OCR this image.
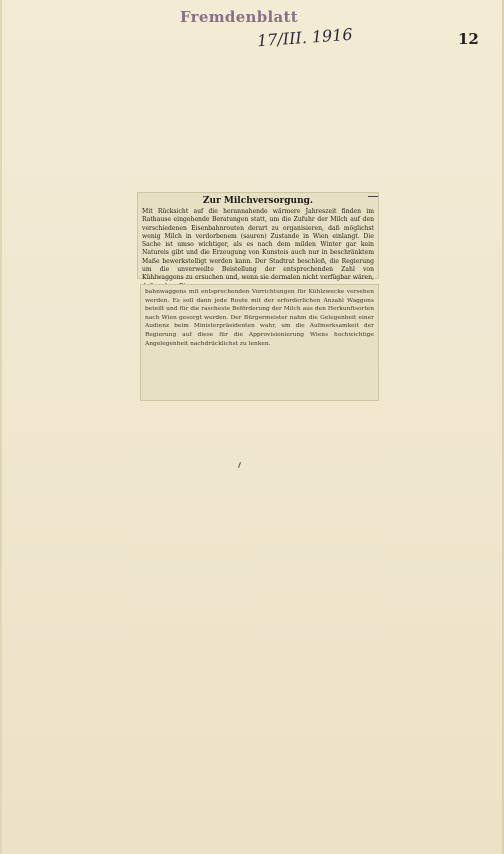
Fremdenblatt
17/III. 1916	12
Zur Milchversorgung.
Mit Rücksicht auf die herannahende wärmere Jahreszeit finden im Rathause eingehende Beratungen statt, um die Zufuhr der Milch auf den verschiedenen Eisenbahnrouten derart zu organisieren, daß möglichst wenig Milch in verdorbenem (sauren) Zustande in Wien einlangt. Die Sache ist umso wichtiger, als es nach dem milden Winter gar kein Natureis gibt und die Erzeugung von Kunsteis auch nur in beschränktem Maße bewerkstelligt werden kann. Der Stadtrat beschloß, die Regierung um die unverweilte Beistellung der entsprechenden Zahl von Kühlwaggons zu ersuchen und, wenn sie dermalen nicht verfügbar wären,
bahnwaggons mit entsprechenden Vorrichtungen für Kühlzwecke versehen werden. Es soll dann jede Route mit der erforderlichen Anzahl Waggons beteilt und für die rascheste Beförderung der Milch aus den Herkunftsorten nach Wien gesorgt werden. Der Bürgermeister nahm die Gelegenheit einer Audienz beim Ministerpräsidenten wahr, um die Aufmerksamkeit der Regierung auf diese für die Approvisionierung Wiens hochwichtige Angelegenheit nachdrücklichst zu lenken.
